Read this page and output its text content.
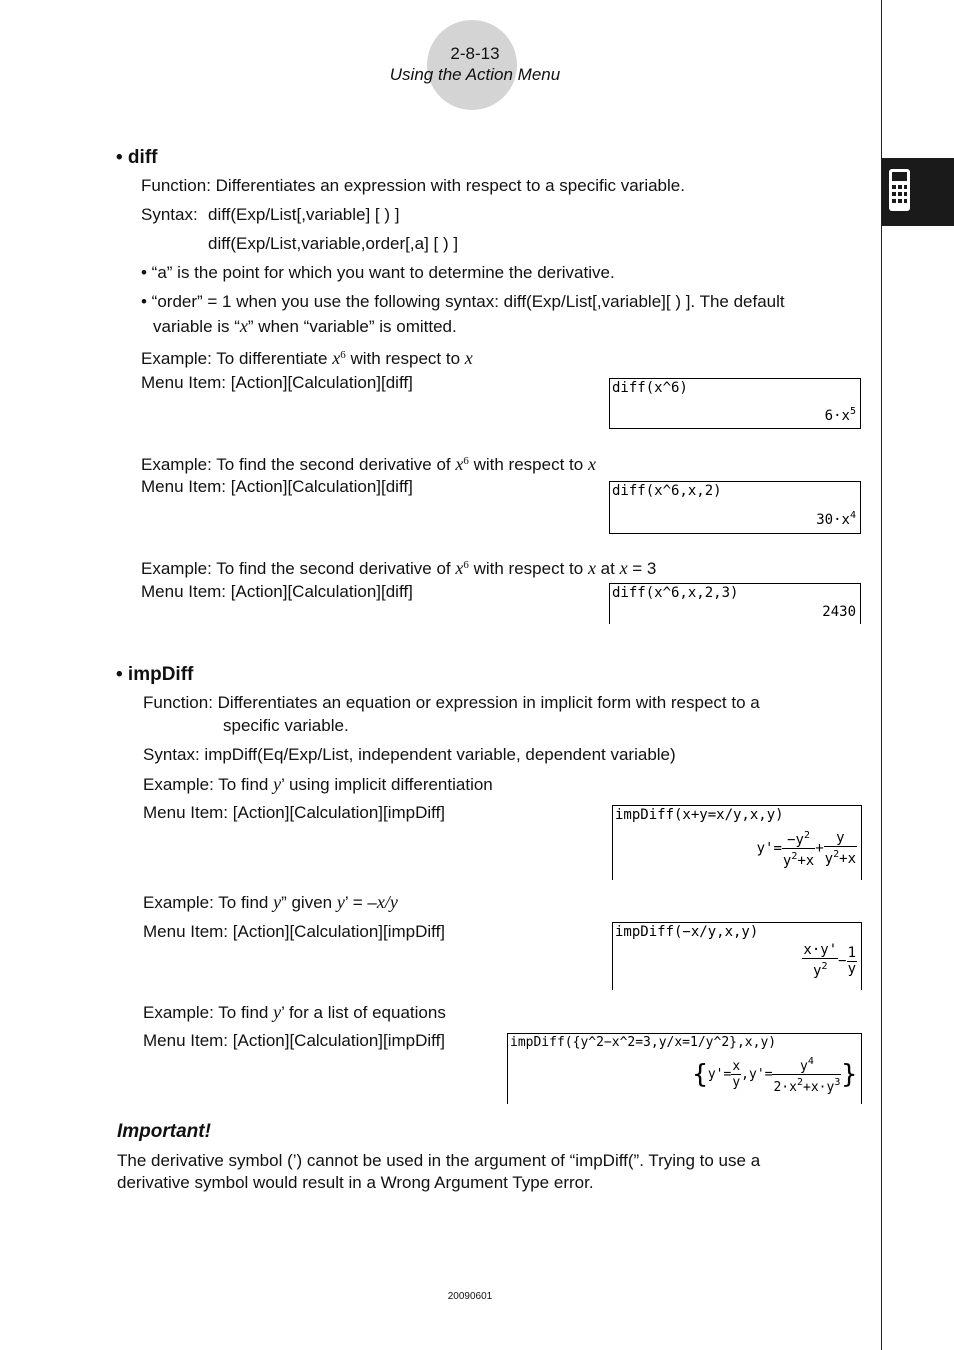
2-8-13
Using the Action Menu
• diff
Function: Differentiates an expression with respect to a specific variable.
Syntax: diff(Exp/List[,variable] [ ) ]
diff(Exp/List,variable,order[,a] [ ) ]
• “a” is the point for which you want to determine the derivative.
• “order” = 1 when you use the following syntax: diff(Exp/List[,variable][ ) ]. The default
variable is “x” when “variable” is omitted.
Example: To differentiate $x^6$ with respect to x
Menu Item: [Action][Calculation][diff]	diff(x^6)
$6\cdot x^5$
Example: To find the second derivative of $x^6$ with respect to x
Menu Item: [Action][Calculation][diff]	diff(x^6,x,2)
$30\cdot x^4$
Example: To find the second derivative of $x^6$ with respect to x at x = 3
Menu Item: [Action][Calculation][diff]	diff(x^6,x,2,3)
2430
• impDiff
Function: Differentiates an equation or expression in implicit form with respect to a
specific variable.
Syntax: impDiff(Eq/Exp/List, independent variable, dependent variable)
Example: To find y’ using implicit differentiation
Menu Item: [Action][Calculation][impDiff]	impDiff(x+y=x/y,x,y)
$y'= \frac{-y^2}{y^2+x} + \frac{y}{y^2+x}$
Example: To find y” given y’ = –x/y
Menu Item: [Action][Calculation][impDiff]	impDiff(−x/y,x,y)
$\frac{x\cdot y'}{y^2} - \frac{1}{y}$
Example: To find y’ for a list of equations
Menu Item: [Action][Calculation][impDiff]	impDiff({y^2−x^2=3,y/x=1/y^2},x,y)
{$y'= \frac{x}{y} ,y'= \frac{y^4}{2\cdot x^2+x\cdot y^3}$ }
Important!
The derivative symbol (’) cannot be used in the argument of “impDiff(”. Trying to use a
derivative symbol would result in a Wrong Argument Type error.
20090601
